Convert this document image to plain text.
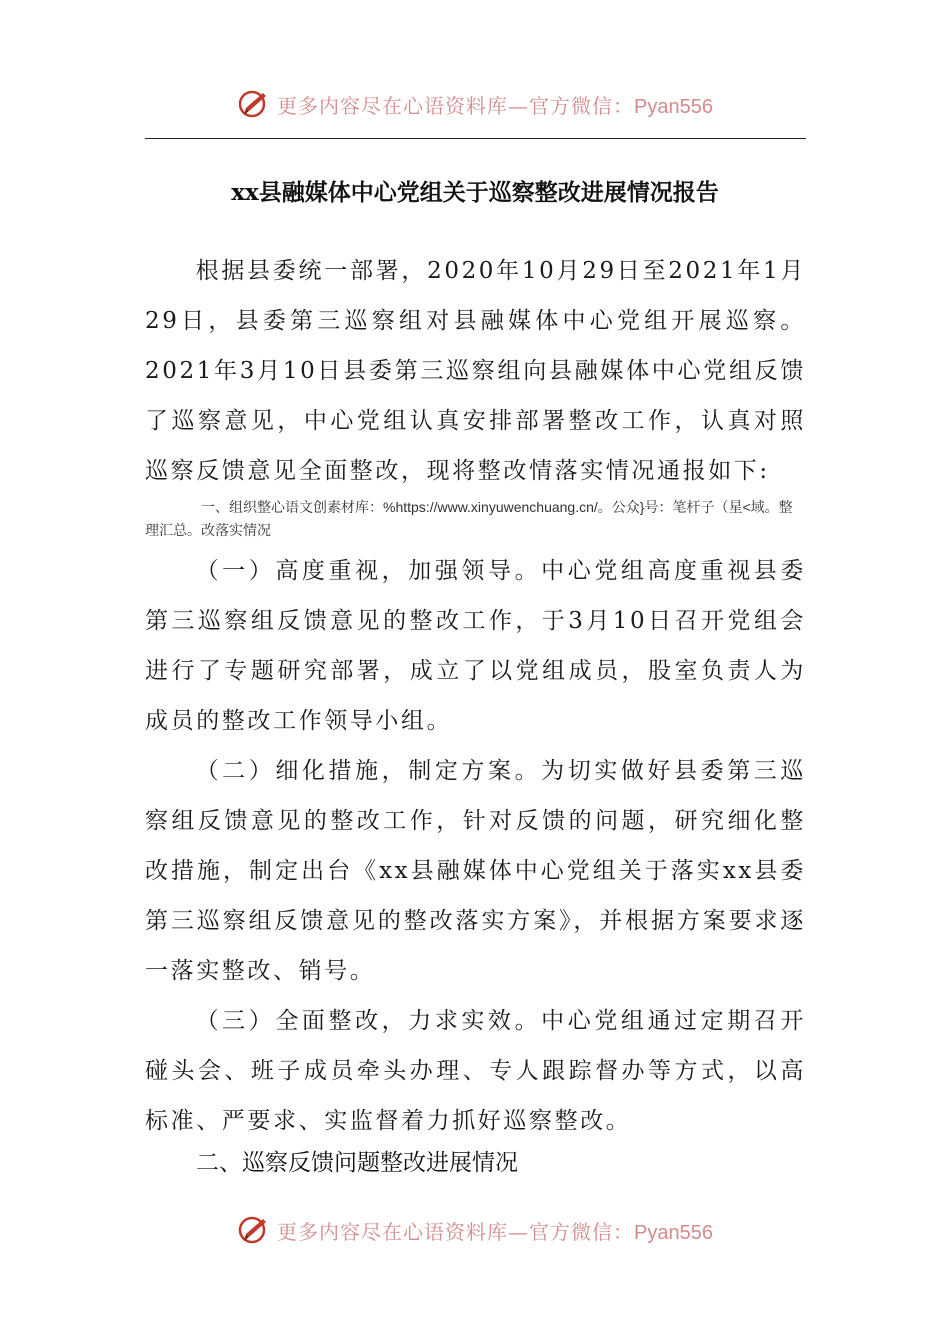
更多内容尽在心语资料库—官方微信：Pyan556
xx县融媒体中心党组关于巡察整改进展情况报告

根据县委统一部署，2020年10月29日至2021年1月29日，县委第三巡察组对县融媒体中心党组开展巡察。2021年3月10日县委第三巡察组向县融媒体中心党组反馈了巡察意见，中心党组认真安排部署整改工作，认真对照巡察反馈意见全面整改，现将整改情落实情况通报如下:

一、组织整心语文创素材库：%https://www.xinyuwenchuang.cn/。公众}号：笔杆子（星<域。整理汇总。改落实情况

（一）高度重视，加强领导。中心党组高度重视县委第三巡察组反馈意见的整改工作，于3月10日召开党组会进行了专题研究部署，成立了以党组成员，股室负责人为成员的整改工作领导小组。

（二）细化措施，制定方案。为切实做好县委第三巡察组反馈意见的整改工作，针对反馈的问题，研究细化整改措施，制定出台《xx县融媒体中心党组关于落实xx县委第三巡察组反馈意见的整改落实方案》，并根据方案要求逐一落实整改、销号。

（三）全面整改，力求实效。中心党组通过定期召开碰头会、班子成员牵头办理、专人跟踪督办等方式，以高标准、严要求、实监督着力抓好巡察整改。

二、巡察反馈问题整改进展情况
更多内容尽在心语资料库—官方微信：Pyan556
